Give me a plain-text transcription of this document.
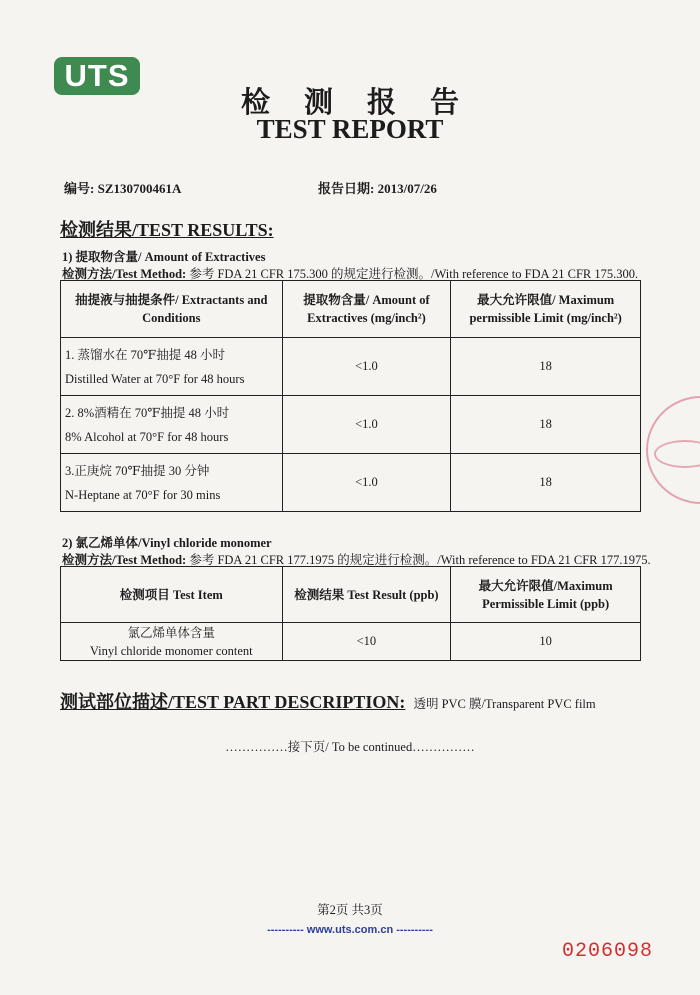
UTS
检测报告
TEST REPORT
编号: SZ130700461A	报告日期: 2013/07/26
检测结果/TEST RESULTS:
1) 提取物含量/ Amount of Extractives
检测方法/Test Method: 参考 FDA 21 CFR 175.300 的规定进行检测。/With reference to FDA 21 CFR 175.300.
抽提液与抽提条件/ Extractants and Conditions	提取物含量/ Amount of Extractives (mg/inch²)	最大允许限值/ Maximum permissible Limit (mg/inch²)

1. 蒸馏水在 70℉抽提 48 小时
Distilled Water at 70°F for 48 hours	<1.0	18

2. 8%酒精在 70℉抽提 48 小时
8% Alcohol at 70°F for 48 hours	<1.0	18

3.正庚烷 70℉抽提 30 分钟
N-Heptane at 70°F for 30 mins	<1.0	18
2) 氯乙烯单体/Vinyl chloride monomer
检测方法/Test Method: 参考 FDA 21 CFR 177.1975 的规定进行检测。/With reference to FDA 21 CFR 177.1975.
检测项目 Test Item	检测结果 Test Result (ppb)	最大允许限值/Maximum Permissible Limit (ppb)

氯乙烯单体含量
Vinyl chloride monomer content	<10	10
测试部位描述/TEST PART DESCRIPTION: 透明 PVC 膜/Transparent PVC film
……………接下页/ To be continued……………
第2页 共3页
---------- www.uts.com.cn ----------
0206098
